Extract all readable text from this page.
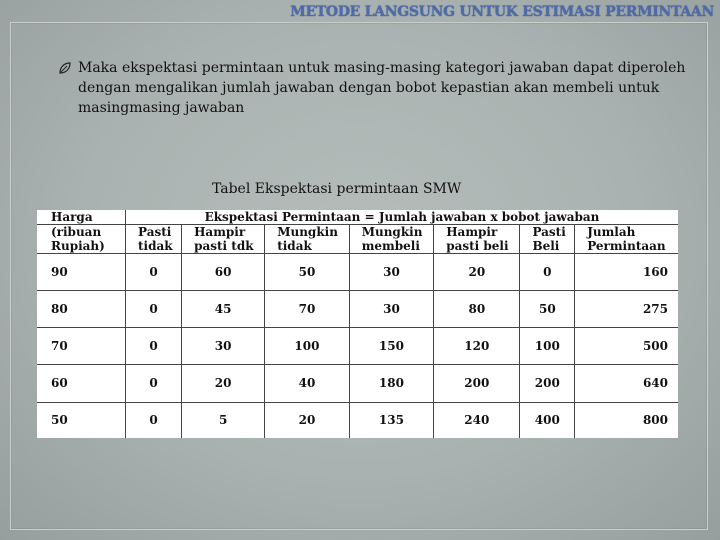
METODE LANGSUNG UNTUK ESTIMASI PERMINTAAN
Maka ekspektasi permintaan untuk masing-masing kategori jawaban dapat diperoleh dengan mengalikan jumlah jawaban dengan bobot kepastian akan membeli untuk masingmasing jawaban
Tabel Ekspektasi permintaan SMW
Harga	Ekspektasi Permintaan = Jumlah jawaban x bobot jawaban						
(ribuan	Pasti	Hampir	Mungkin	Mungkin	Hampir	Pasti	Jumlah
Rupiah)	tidak	pasti tdk	tidak	membeli	pasti beli	Beli	Permintaan
90	0	60	50	30	20	0	160
80	0	45	70	30	80	50	275
70	0	30	100	150	120	100	500
60	0	20	40	180	200	200	640
50	0	5	20	135	240	400	800
